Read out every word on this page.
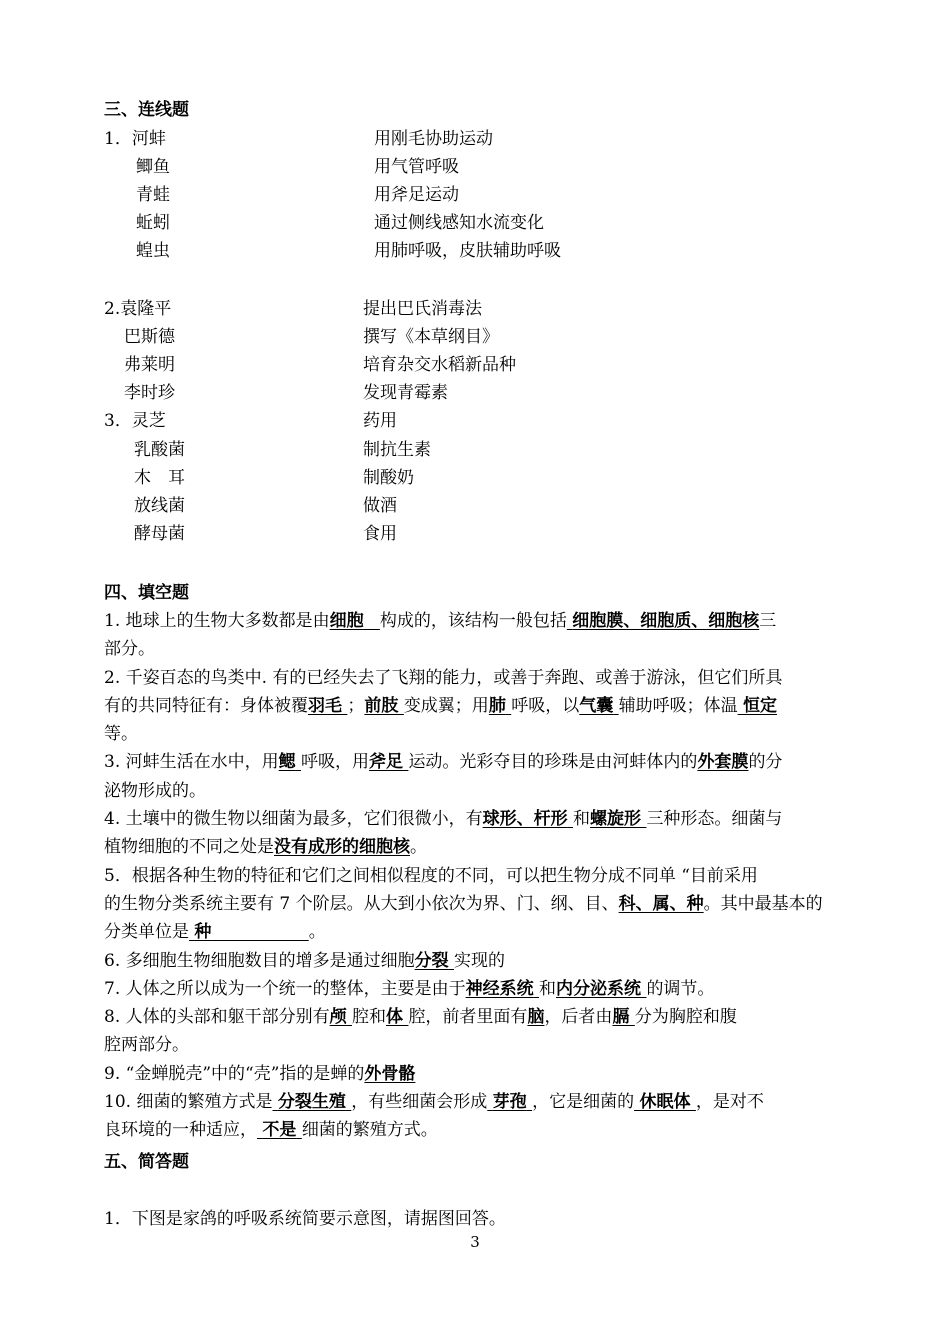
三、连线题
1．河蚌
鲫鱼
青蛙
蚯蚓
蝗虫
用刚毛协助运动
用气管呼吸
用斧足运动
通过侧线感知水流变化
用肺呼吸，皮肤辅助呼吸
2.袁隆平
巴斯德
弗莱明
李时珍
提出巴氏消毒法
撰写《本草纲目》
培育杂交水稻新品种
发现青霉素
3．灵芝
乳酸菌
木　耳
放线菌
酵母菌
药用
制抗生素
制酸奶
做酒
食用
四、填空题
1. 地球上的生物大多数都是由细胞 构成的，该结构一般包括 细胞膜、细胞质、细胞核三
部分。
2. 千姿百态的鸟类中. 有的已经失去了飞翔的能力，或善于奔跑、或善于游泳，但它们所具
有的共同特征有：身体被覆羽毛 ；前肢 变成翼；用肺 呼吸，以气囊 辅助呼吸；体温 恒定
等。
3. 河蚌生活在水中，用鳃 呼吸，用斧足 运动。光彩夺目的珍珠是由河蚌体内的外套膜的分
泌物形成的。
4. 土壤中的微生物以细菌为最多，它们很微小，有球形、杆形 和螺旋形 三种形态。细菌与
植物细胞的不同之处是没有成形的细胞核。
5．根据各种生物的特征和它们之间相似程度的不同，可以把生物分成不同单 “目前采用
的生物分类系统主要有 7 个阶层。从大到小依次为界、门、纲、目、科、属、种。其中最基本的
分类单位是 种	。
6. 多细胞生物细胞数目的增多是通过细胞分裂 实现的
7. 人体之所以成为一个统一的整体，主要是由于神经系统 和内分泌系统 的调节。
8. 人体的头部和躯干部分别有颅 腔和体 腔，前者里面有脑，后者由膈 分为胸腔和腹
腔两部分。
9. “金蝉脱壳”中的“壳”指的是蝉的外骨骼
10. 细菌的繁殖方式是 分裂生殖 ，有些细菌会形成 芽孢 ，它是细菌的 休眠体 ，是对不
良环境的一种适应， 不是 细菌的繁殖方式。
五、简答题
1．下图是家鸽的呼吸系统简要示意图，请据图回答。
3
